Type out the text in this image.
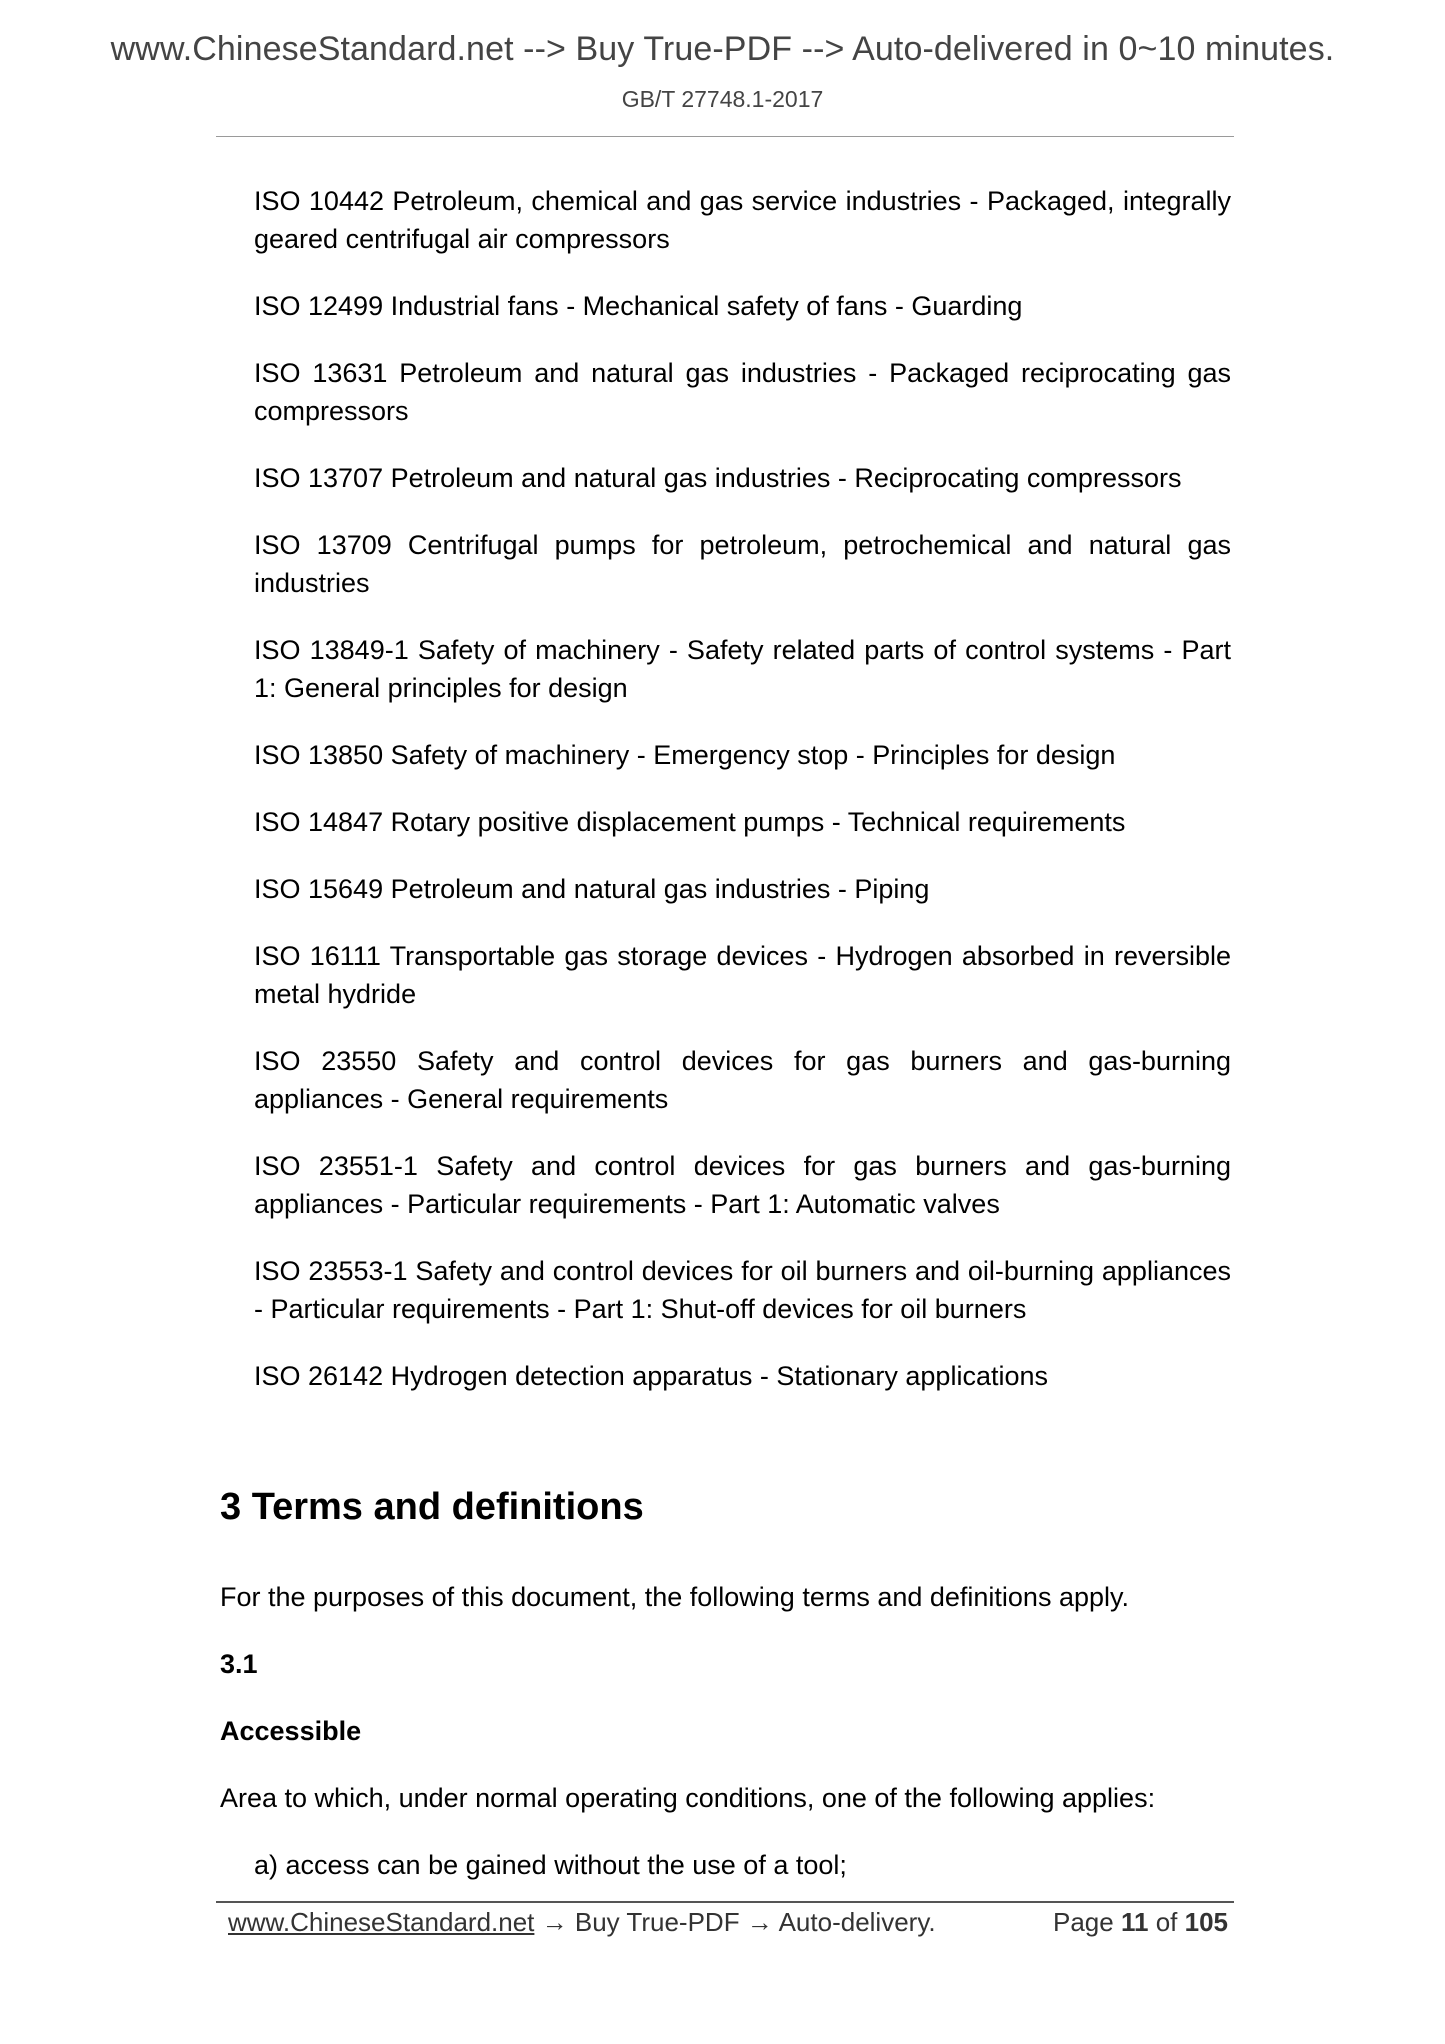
www.ChineseStandard.net --> Buy True-PDF --> Auto-delivered in 0~10 minutes.
GB/T 27748.1-2017
ISO 10442 Petroleum, chemical and gas service industries - Packaged, integrally geared centrifugal air compressors
ISO 12499 Industrial fans - Mechanical safety of fans - Guarding
ISO 13631 Petroleum and natural gas industries - Packaged reciprocating gas compressors
ISO 13707 Petroleum and natural gas industries - Reciprocating compressors
ISO 13709 Centrifugal pumps for petroleum, petrochemical and natural gas industries
ISO 13849-1 Safety of machinery - Safety related parts of control systems - Part 1: General principles for design
ISO 13850 Safety of machinery - Emergency stop - Principles for design
ISO 14847 Rotary positive displacement pumps - Technical requirements
ISO 15649 Petroleum and natural gas industries - Piping
ISO 16111 Transportable gas storage devices - Hydrogen absorbed in reversible metal hydride
ISO 23550 Safety and control devices for gas burners and gas-burning appliances - General requirements
ISO 23551-1 Safety and control devices for gas burners and gas-burning appliances - Particular requirements - Part 1: Automatic valves
ISO 23553-1 Safety and control devices for oil burners and oil-burning appliances - Particular requirements - Part 1: Shut-off devices for oil burners
ISO 26142 Hydrogen detection apparatus - Stationary applications
3 Terms and definitions

For the purposes of this document, the following terms and definitions apply.

3.1

Accessible

Area to which, under normal operating conditions, one of the following applies:

a) access can be gained without the use of a tool;

www.ChineseStandard.net → Buy True-PDF → Auto-delivery.	Page 11 of 105
